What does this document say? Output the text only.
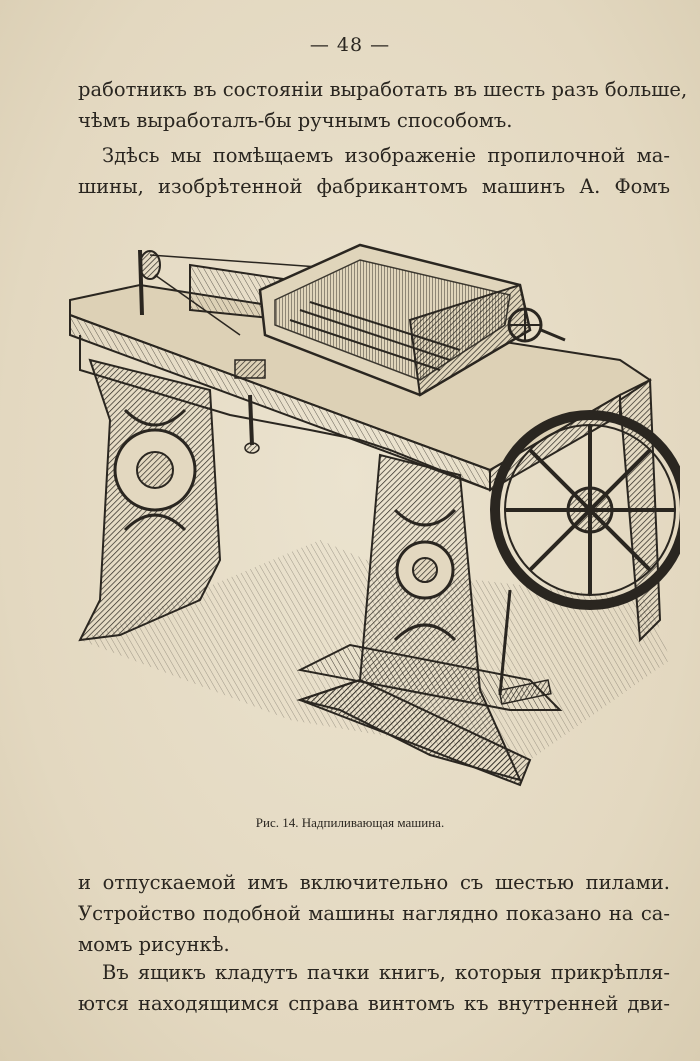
— 48 —
работникъ въ состоянiи выработать въ шесть разъ больше,
чѣмъ выработалъ-бы ручнымъ способомъ.
Здѣсь мы помѣщаемъ изображенiе пропилочной ма-
шины, изобрѣтенной фабрикантомъ машинъ А. Фомъ
Рис. 14. Надпиливающая машина.
и отпускаемой имъ включительно съ шестью пилами.
Устройство подобной машины наглядно показано на са-
момъ рисункѣ.
Въ ящикъ кладутъ пачки книгъ, которыя прикрѣпля-
ются находящимся справа винтомъ къ внутренней дви-
